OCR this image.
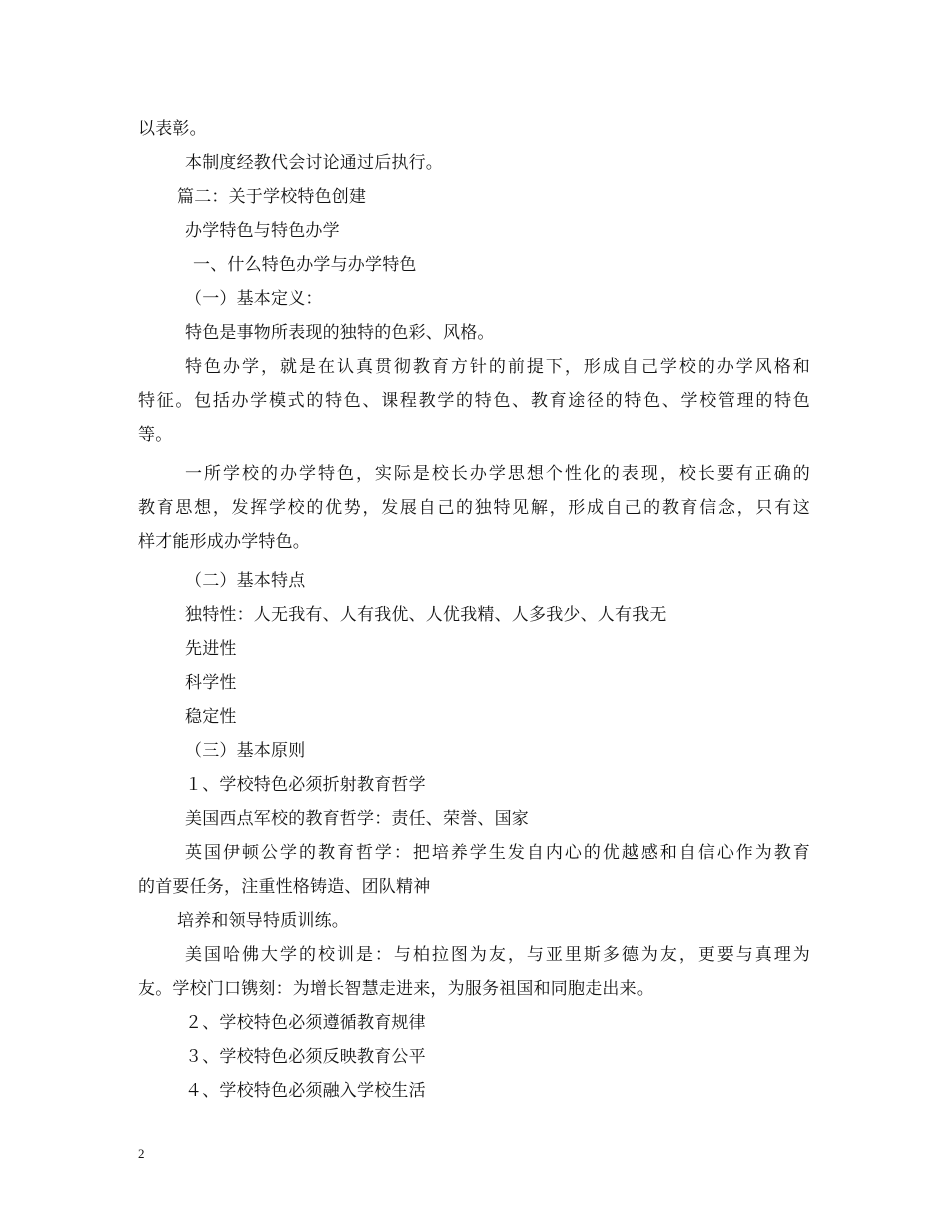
以表彰。
本制度经教代会讨论通过后执行。
篇二：关于学校特色创建
办学特色与特色办学
一、什么特色办学与办学特色
（一）基本定义：
特色是事物所表现的独特的色彩、风格。
特色办学，就是在认真贯彻教育方针的前提下，形成自己学校的办学风格和
特征。包括办学模式的特色、课程教学的特色、教育途径的特色、学校管理的特色
等。
一所学校的办学特色，实际是校长办学思想个性化的表现，校长要有正确的
教育思想，发挥学校的优势，发展自己的独特见解，形成自己的教育信念，只有这
样才能形成办学特色。
（二）基本特点
独特性：人无我有、人有我优、人优我精、人多我少、人有我无
先进性
科学性
稳定性
（三）基本原则
１、学校特色必须折射教育哲学
美国西点军校的教育哲学：责任、荣誉、国家
英国伊顿公学的教育哲学：把培养学生发自内心的优越感和自信心作为教育
的首要任务，注重性格铸造、团队精神
培养和领导特质训练。
美国哈佛大学的校训是：与柏拉图为友，与亚里斯多德为友，更要与真理为
友。学校门口镌刻：为增长智慧走进来，为服务祖国和同胞走出来。
２、学校特色必须遵循教育规律
３、学校特色必须反映教育公平
４、学校特色必须融入学校生活
2
